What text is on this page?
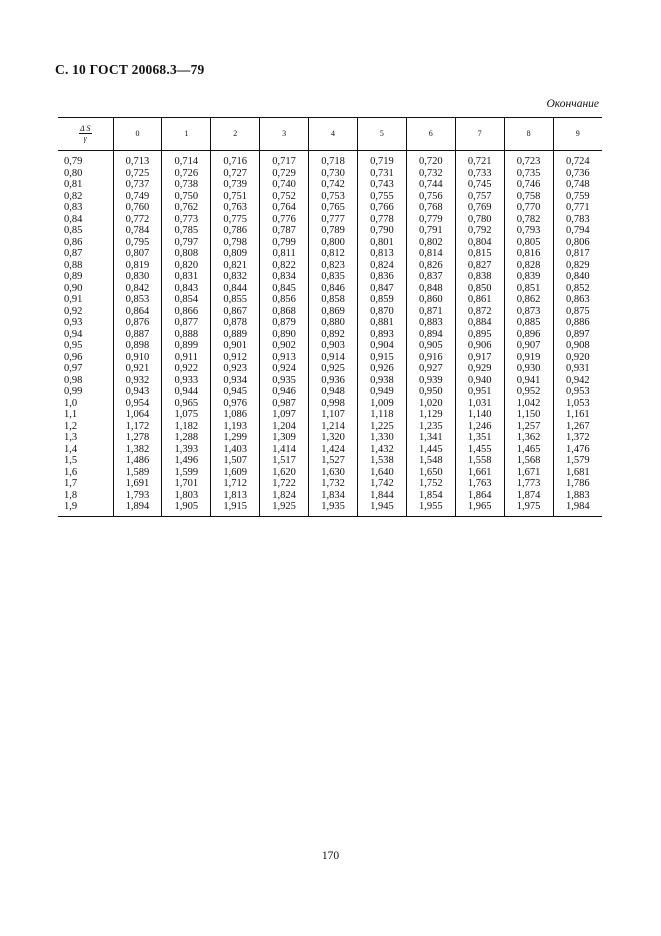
С. 10 ГОСТ 20068.3—79
Окончание
$\frac{\text{Δ S}}{\gamma}$	0	1	2	3	4	5	6	7	8	9
0,79	0,713	0,714	0,716	0,717	0,718	0,719	0,720	0,721	0,723	0,724
0,80	0,725	0,726	0,727	0,729	0,730	0,731	0,732	0,733	0,735	0,736
0,81	0,737	0,738	0,739	0,740	0,742	0,743	0,744	0,745	0,746	0,748
0,82	0,749	0,750	0,751	0,752	0,753	0,755	0,756	0,757	0,758	0,759
0,83	0,760	0,762	0,763	0,764	0,765	0,766	0,768	0,769	0,770	0,771
0,84	0,772	0,773	0,775	0,776	0,777	0,778	0,779	0,780	0,782	0,783
0,85	0,784	0,785	0,786	0,787	0,789	0,790	0,791	0,792	0,793	0,794
0,86	0,795	0,797	0,798	0,799	0,800	0,801	0,802	0,804	0,805	0,806
0,87	0,807	0,808	0,809	0,811	0,812	0,813	0,814	0,815	0,816	0,817
0,88	0,819	0,820	0,821	0,822	0,823	0,824	0,826	0,827	0,828	0,829
0,89	0,830	0,831	0,832	0,834	0,835	0,836	0,837	0,838	0,839	0,840
0,90	0,842	0,843	0,844	0,845	0,846	0,847	0,848	0,850	0,851	0,852
0,91	0,853	0,854	0,855	0,856	0,858	0,859	0,860	0,861	0,862	0,863
0,92	0,864	0,866	0,867	0,868	0,869	0,870	0,871	0,872	0,873	0,875
0,93	0,876	0,877	0,878	0,879	0,880	0,881	0,883	0,884	0,885	0,886
0,94	0,887	0,888	0,889	0,890	0,892	0,893	0,894	0,895	0,896	0,897
0,95	0,898	0,899	0,901	0,902	0,903	0,904	0,905	0,906	0,907	0,908
0,96	0,910	0,911	0,912	0,913	0,914	0,915	0,916	0,917	0,919	0,920
0,97	0,921	0,922	0,923	0,924	0,925	0,926	0,927	0,929	0,930	0,931
0,98	0,932	0,933	0,934	0,935	0,936	0,938	0,939	0,940	0,941	0,942
0,99	0,943	0,944	0,945	0,946	0,948	0,949	0,950	0,951	0,952	0,953
1,0	0,954	0,965	0,976	0,987	0,998	1,009	1,020	1,031	1,042	1,053
1,1	1,064	1,075	1,086	1,097	1,107	1,118	1,129	1,140	1,150	1,161
1,2	1,172	1,182	1,193	1,204	1,214	1,225	1,235	1,246	1,257	1,267
1,3	1,278	1,288	1,299	1,309	1,320	1,330	1,341	1,351	1,362	1,372
1,4	1,382	1,393	1,403	1,414	1,424	1,432	1,445	1,455	1,465	1,476
1,5	1,486	1,496	1,507	1,517	1,527	1,538	1,548	1,558	1,568	1,579
1,6	1,589	1,599	1,609	1,620	1,630	1,640	1,650	1,661	1,671	1,681
1,7	1,691	1,701	1,712	1,722	1,732	1,742	1,752	1,763	1,773	1,786
1,8	1,793	1,803	1,813	1,824	1,834	1,844	1,854	1,864	1,874	1,883
1,9	1,894	1,905	1,915	1,925	1,935	1,945	1,955	1,965	1,975	1,984
170
